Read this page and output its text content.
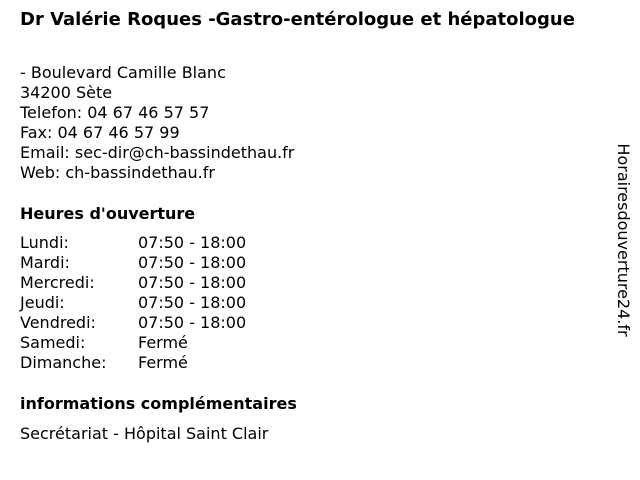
Dr Valérie Roques -Gastro-entérologue et hépatologue
- Boulevard Camille Blanc
34200 Sète
Telefon: 04 67 46 57 57
Fax: 04 67 46 57 99
Email: sec-dir@ch-bassindethau.fr
Web: ch-bassindethau.fr
Heures d'ouverture
Lundi:	07:50 - 18:00
Mardi:	07:50 - 18:00
Mercredi:	07:50 - 18:00
Jeudi:	07:50 - 18:00
Vendredi:	07:50 - 18:00
Samedi:	Fermé
Dimanche: Fermé
informations complémentaires
Secrétariat - Hôpital Saint Clair
Horairesdouverture24.fr
